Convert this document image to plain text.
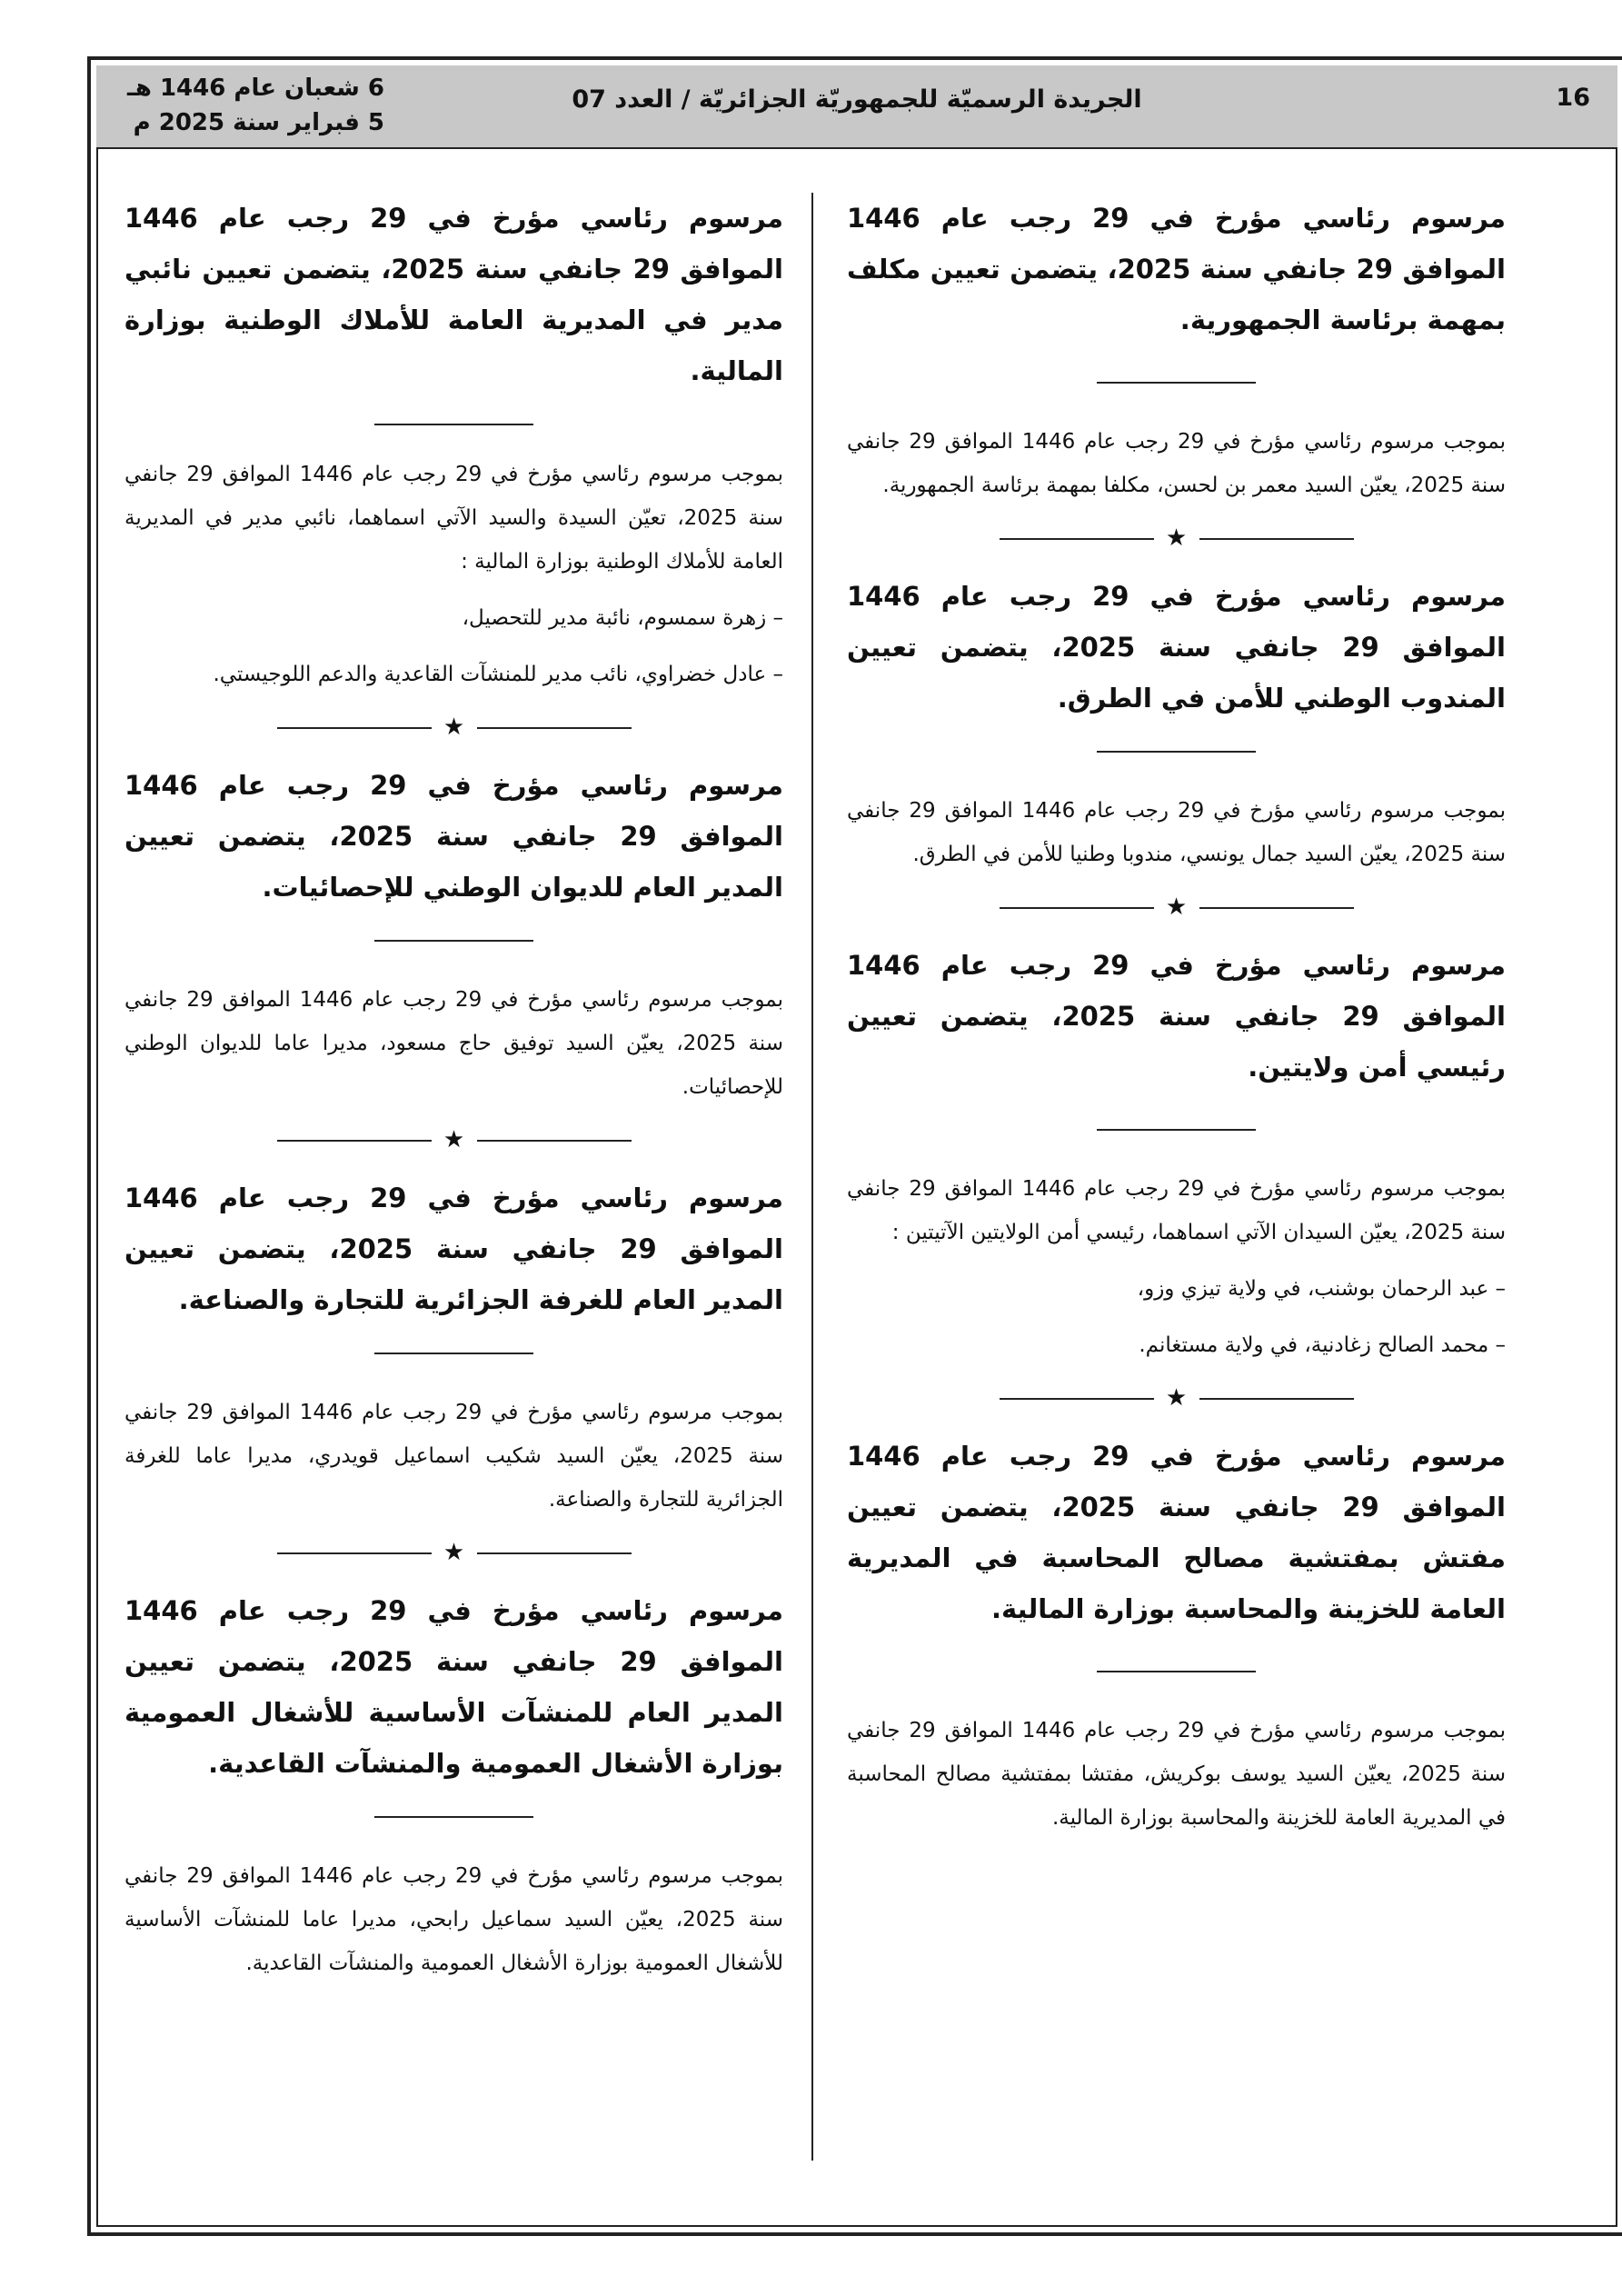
16
الجريدة الرسميّة للجمهوريّة الجزائريّة / العدد 07
6 شعبان عام 1446 هـ
5 فبراير سنة 2025 م

مرسوم رئاسي مؤرخ في 29 رجب عام 1446 الموافق 29 جانفي سنة 2025، يتضمن تعيين مكلف بمهمة برئاسة الجمهورية.

بموجب مرسوم رئاسي مؤرخ في 29 رجب عام 1446 الموافق 29 جانفي سنة 2025، يعيّن السيد معمر بن لحسن، مكلفا بمهمة برئاسة الجمهورية.

★

مرسوم رئاسي مؤرخ في 29 رجب عام 1446 الموافق 29 جانفي سنة 2025، يتضمن تعيين المندوب الوطني للأمن في الطرق.

بموجب مرسوم رئاسي مؤرخ في 29 رجب عام 1446 الموافق 29 جانفي سنة 2025، يعيّن السيد جمال يونسي، مندوبا وطنيا للأمن في الطرق.

★

مرسوم رئاسي مؤرخ في 29 رجب عام 1446 الموافق 29 جانفي سنة 2025، يتضمن تعيين رئيسي أمن ولايتين.

بموجب مرسوم رئاسي مؤرخ في 29 رجب عام 1446 الموافق 29 جانفي سنة 2025، يعيّن السيدان الآتي اسماهما، رئيسي أمن الولايتين الآتيتين :

– عبد الرحمان بوشنب، في ولاية تيزي وزو،

– محمد الصالح زغادنية، في ولاية مستغانم.

★

مرسوم رئاسي مؤرخ في 29 رجب عام 1446 الموافق 29 جانفي سنة 2025، يتضمن تعيين مفتش بمفتشية مصالح المحاسبة في المديرية العامة للخزينة والمحاسبة بوزارة المالية.

بموجب مرسوم رئاسي مؤرخ في 29 رجب عام 1446 الموافق 29 جانفي سنة 2025، يعيّن السيد يوسف بوكريش، مفتشا بمفتشية مصالح المحاسبة في المديرية العامة للخزينة والمحاسبة بوزارة المالية.

مرسوم رئاسي مؤرخ في 29 رجب عام 1446 الموافق 29 جانفي سنة 2025، يتضمن تعيين نائبي مدير في المديرية العامة للأملاك الوطنية بوزارة المالية.

بموجب مرسوم رئاسي مؤرخ في 29 رجب عام 1446 الموافق 29 جانفي سنة 2025، تعيّن السيدة والسيد الآتي اسماهما، نائبي مدير في المديرية العامة للأملاك الوطنية بوزارة المالية :

– زهرة سمسوم، نائبة مدير للتحصيل،

– عادل خضراوي، نائب مدير للمنشآت القاعدية والدعم اللوجيستي.

★

مرسوم رئاسي مؤرخ في 29 رجب عام 1446 الموافق 29 جانفي سنة 2025، يتضمن تعيين المدير العام للديوان الوطني للإحصائيات.

بموجب مرسوم رئاسي مؤرخ في 29 رجب عام 1446 الموافق 29 جانفي سنة 2025، يعيّن السيد توفيق حاج مسعود، مديرا عاما للديوان الوطني للإحصائيات.

★

مرسوم رئاسي مؤرخ في 29 رجب عام 1446 الموافق 29 جانفي سنة 2025، يتضمن تعيين المدير العام للغرفة الجزائرية للتجارة والصناعة.

بموجب مرسوم رئاسي مؤرخ في 29 رجب عام 1446 الموافق 29 جانفي سنة 2025، يعيّن السيد شكيب اسماعيل قويدري، مديرا عاما للغرفة الجزائرية للتجارة والصناعة.

★

مرسوم رئاسي مؤرخ في 29 رجب عام 1446 الموافق 29 جانفي سنة 2025، يتضمن تعيين المدير العام للمنشآت الأساسية للأشغال العمومية بوزارة الأشغال العمومية والمنشآت القاعدية.

بموجب مرسوم رئاسي مؤرخ في 29 رجب عام 1446 الموافق 29 جانفي سنة 2025، يعيّن السيد سماعيل رابحي، مديرا عاما للمنشآت الأساسية للأشغال العمومية بوزارة الأشغال العمومية والمنشآت القاعدية.
